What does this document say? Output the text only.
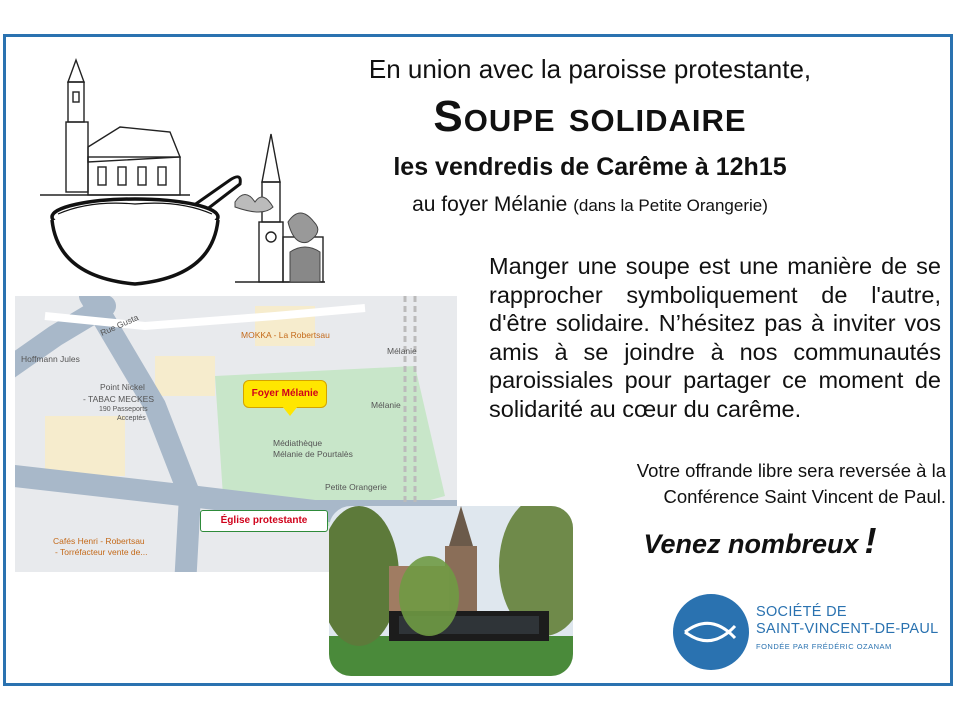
En union avec la paroisse protestante,
Soupe solidaire
les vendredis de Carême à 12h15
au foyer Mélanie (dans la Petite Orangerie)
Manger une soupe est une manière de se rapprocher symboliquement de l'autre, d'être solidaire. N’hésitez pas à inviter vos amis à se joindre à nos communautés paroissiales pour partager ce moment de solidarité au cœur du carême.
Votre offrande libre sera reversée à la
Conférence Saint Vincent de Paul.
Venez nombreux !
Rue Gusta	MOKKA - La Robertsau
Mélanie
Hoffmann Jules
Point Nickel
- TABAC MECKES
190 Passeports
Acceptés
Mélanie
Médiathèque
Mélanie de Pourtalès
Petite Orangerie
Cafés Henri - Robertsau
- Torréfacteur vente de...
Foyer Mélanie
Église protestante
SOCIÉTÉ DE
SAINT-VINCENT-DE-PAUL
FONDÉE PAR FRÉDÉRIC OZANAM
